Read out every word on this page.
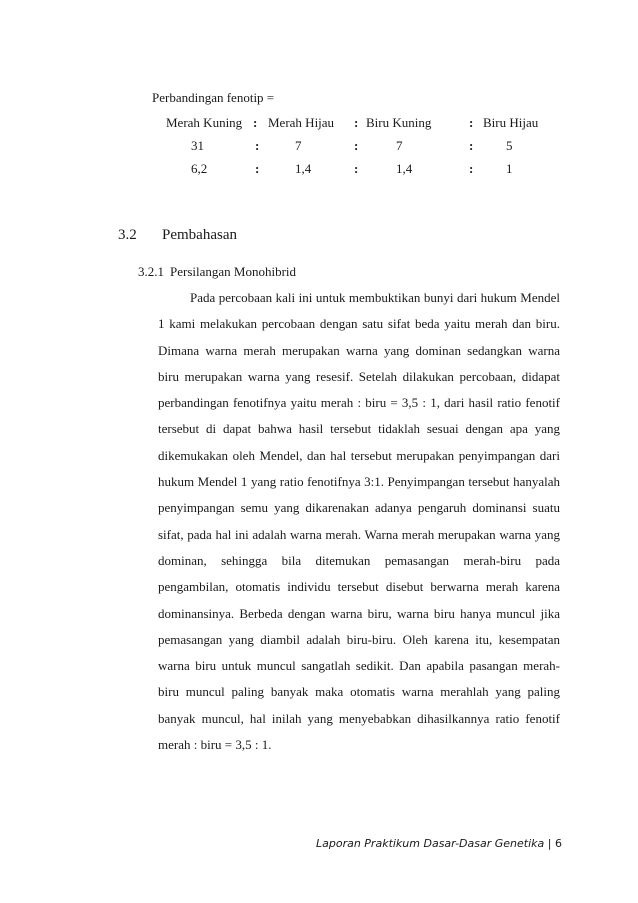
Perbandingan fenotip =
Merah Kuning : Merah Hijau : Biru Kuning	: Biru Hijau
31	:	7	:	7	:	5
6,2	:	1,4	:	1,4	:	1
3.2 Pembahasan
3.2.1 Persilangan Monohibrid

Pada percobaan kali ini untuk membuktikan bunyi dari hukum Mendel 1 kami melakukan percobaan dengan satu sifat beda yaitu merah dan biru. Dimana warna merah merupakan warna yang dominan sedangkan warna biru merupakan warna yang resesif. Setelah dilakukan percobaan, didapat perbandingan fenotifnya yaitu merah : biru = 3,5 : 1, dari hasil ratio fenotif tersebut di dapat bahwa hasil tersebut tidaklah sesuai dengan apa yang dikemukakan oleh Mendel, dan hal tersebut merupakan penyimpangan dari hukum Mendel 1 yang ratio fenotifnya 3:1. Penyimpangan tersebut hanyalah penyimpangan semu yang dikarenakan adanya pengaruh dominansi suatu sifat, pada hal ini adalah warna merah. Warna merah merupakan warna yang dominan, sehingga bila ditemukan pemasangan merah-biru pada pengambilan, otomatis individu tersebut disebut berwarna merah karena dominansinya. Berbeda dengan warna biru, warna biru hanya muncul jika pemasangan yang diambil adalah biru-biru. Oleh karena itu, kesempatan warna biru untuk muncul sangatlah sedikit. Dan apabila pasangan merah-biru muncul paling banyak maka otomatis warna merahlah yang paling banyak muncul, hal inilah yang menyebabkan dihasilkannya ratio fenotif merah : biru = 3,5 : 1.

Laporan Praktikum Dasar-Dasar Genetika | 6
